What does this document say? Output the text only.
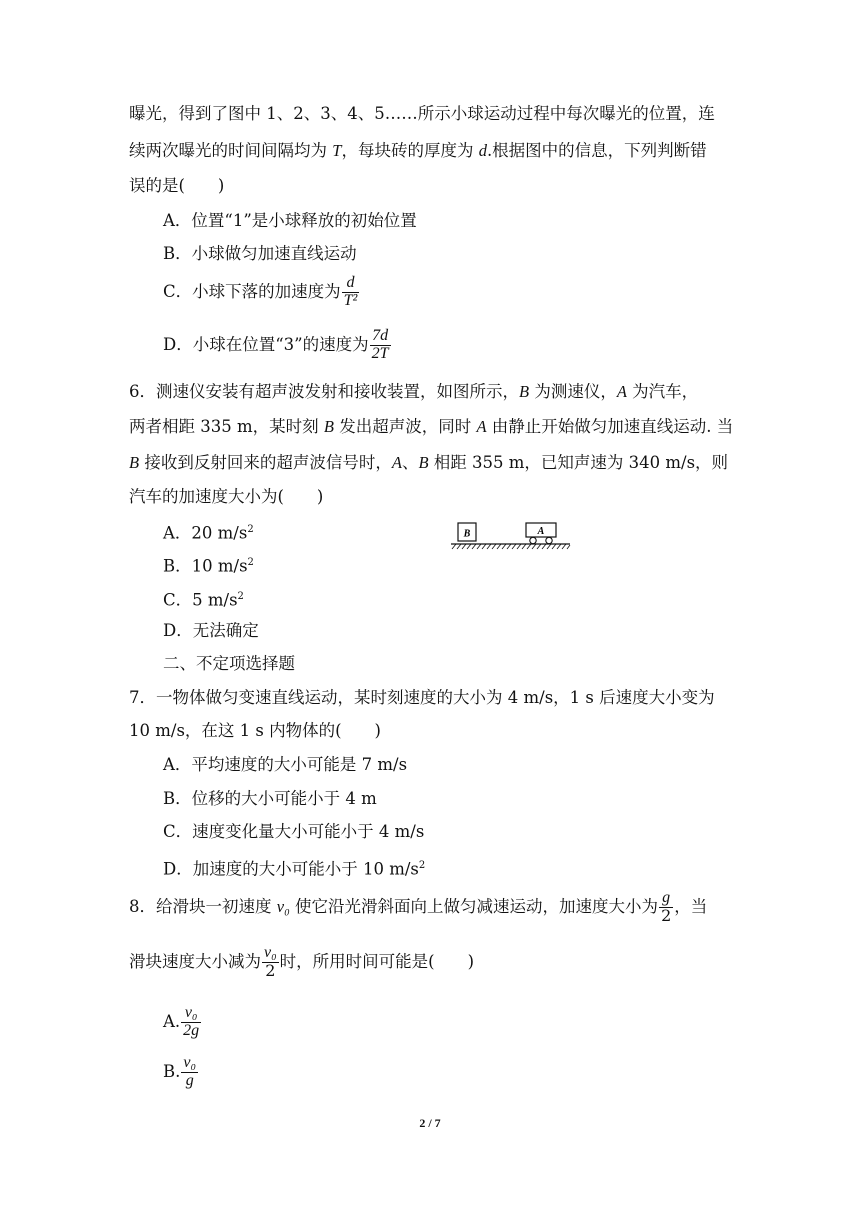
曝光，得到了图中 1、2、3、4、5……所示小球运动过程中每次曝光的位置，连
续两次曝光的时间间隔均为 T，每块砖的厚度为 d.根据图中的信息，下列判断错
误的是(　　)
A．位置“1”是小球释放的初始位置
B．小球做匀加速直线运动
C．小球下落的加速度为 $\frac{d}{\text{T²}}$
D．小球在位置“3”的速度为 $\frac{7d}{2T}$
6．测速仪安装有超声波发射和接收装置，如图所示，B 为测速仪，A 为汽车，
两者相距 335 m，某时刻 B 发出超声波，同时 A 由静止开始做匀加速直线运动. 当
B 接收到反射回来的超声波信号时，A、B 相距 355 m，已知声速为 340 m/s，则
汽车的加速度大小为(　　)
A．20 $m/s^2$
B．10 $m/s^2$
C．5 $m/s^2$
D．无法确定
B	A
二、不定项选择题
7．一物体做匀变速直线运动，某时刻速度的大小为 4 m/s，1 s 后速度大小变为
10 m/s，在这 1 s 内物体的(　　)
A．平均速度的大小可能是 7 m/s
B．位移的大小可能小于 4 m
C．速度变化量大小可能小于 4 m/s
D．加速度的大小可能小于 10 $m/s^2$
8．给滑块一初速度 v₀ 使它沿光滑斜面向上做匀减速运动，加速度大小为 $\frac{g}{2}$ ，当
滑块速度大小减为 $\frac{\text{v₀}}{2}$ 时，所用时间可能是(　　)
A. $\frac{\text{v₀}}{2g}$
B. $\frac{\text{v₀}}{g}$
2 / 7
